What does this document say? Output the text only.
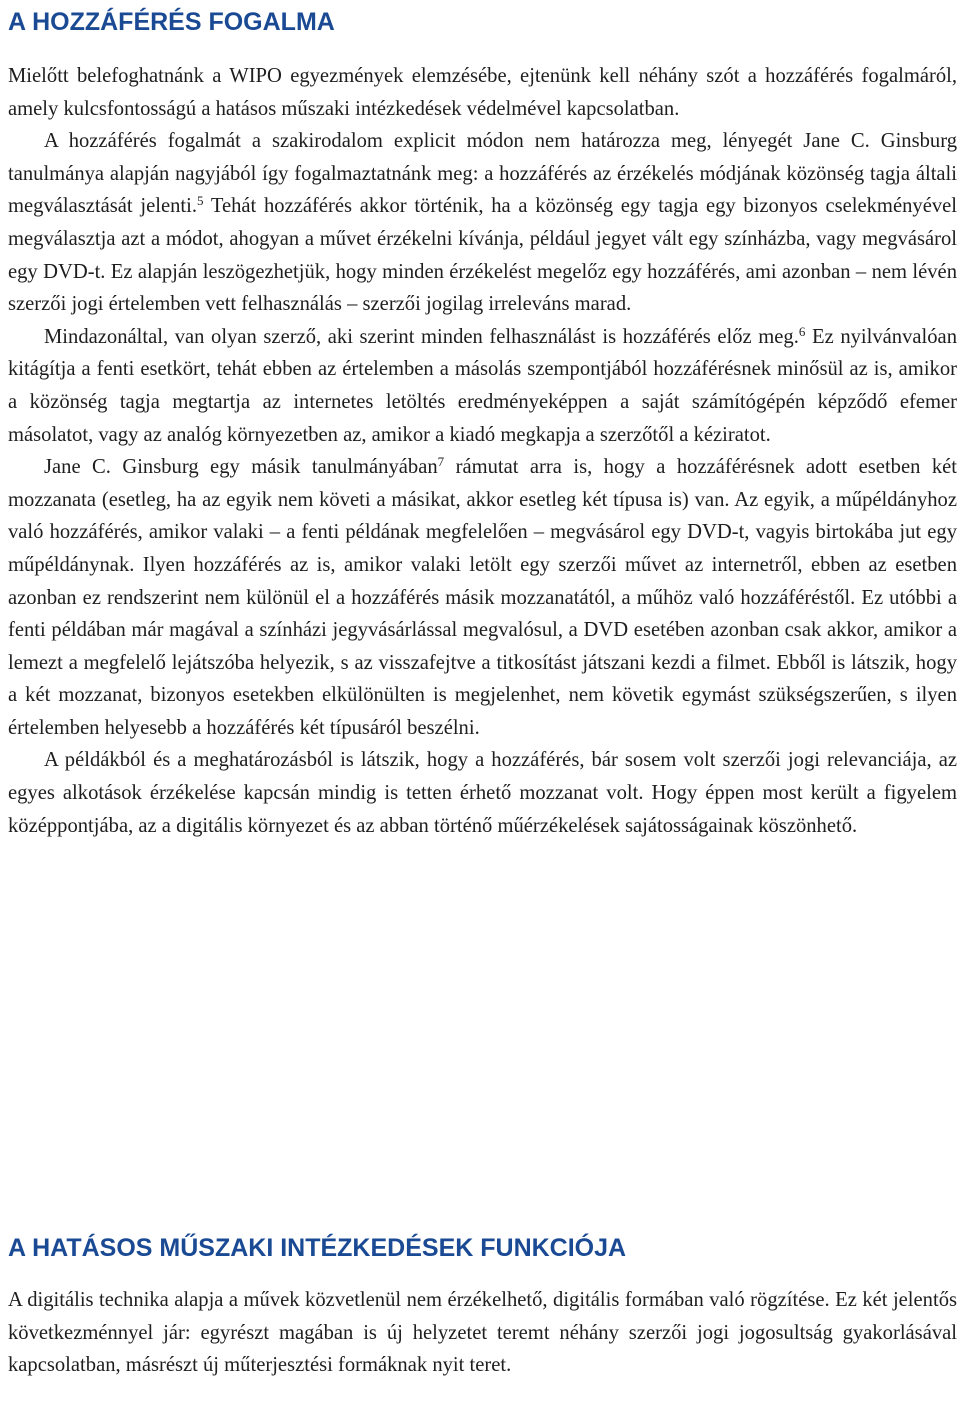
A HOZZÁFÉRÉS FOGALMA

Mielőtt belefoghatnánk a WIPO egyezmények elemzésébe, ejtenünk kell néhány szót a hozzáférés fogalmáról, amely kulcsfontosságú a hatásos műszaki intézkedések védelmével kapcsolatban.

A hozzáférés fogalmát a szakirodalom explicit módon nem határozza meg, lényegét Jane C. Ginsburg tanulmánya alapján nagyjából így fogalmaztatnánk meg: a hozzáférés az érzékelés módjának közönség tagja általi megválasztását jelenti.$^5$ Tehát hozzáférés akkor történik, ha a közönség egy tagja egy bizonyos cselekményével megválasztja azt a módot, ahogyan a művet érzékelni kívánja, például jegyet vált egy színházba, vagy megvásárol egy DVD-t. Ez alapján leszögezhetjük, hogy minden érzékelést megelőz egy hozzáférés, ami azonban – nem lévén szerzői jogi értelemben vett felhasználás – szerzői jogilag irreleváns marad.

Mindazonáltal, van olyan szerző, aki szerint minden felhasználást is hozzáférés előz meg.$^6$ Ez nyilvánvalóan kitágítja a fenti esetkört, tehát ebben az értelemben a másolás szempontjából hozzáférésnek minősül az is, amikor a közönség tagja megtartja az internetes letöltés eredményeképpen a saját számítógépén képződő efemer másolatot, vagy az analóg környezetben az, amikor a kiadó megkapja a szerzőtől a kéziratot.

Jane C. Ginsburg egy másik tanulmányában$^7$ rámutat arra is, hogy a hozzáférésnek adott esetben két mozzanata (esetleg, ha az egyik nem követi a másikat, akkor esetleg két típusa is) van. Az egyik, a műpéldányhoz való hozzáférés, amikor valaki – a fenti példának megfelelően – megvásárol egy DVD-t, vagyis birtokába jut egy műpéldánynak. Ilyen hozzáférés az is, amikor valaki letölt egy szerzői művet az internetről, ebben az esetben azonban ez rendszerint nem különül el a hozzáférés másik mozzanatától, a műhöz való hozzáféréstől. Ez utóbbi a fenti példában már magával a színházi jegyvásárlással megvalósul, a DVD esetében azonban csak akkor, amikor a lemezt a megfelelő lejátszóba helyezik, s az visszafejtve a titkosítást játszani kezdi a filmet. Ebből is látszik, hogy a két mozzanat, bizonyos esetekben elkülönülten is megjelenhet, nem követik egymást szükségszerűen, s ilyen értelemben helyesebb a hozzáférés két típusáról beszélni.

A példákból és a meghatározásból is látszik, hogy a hozzáférés, bár sosem volt szerzői jogi relevanciája, az egyes alkotások érzékelése kapcsán mindig is tetten érhető mozzanat volt. Hogy éppen most került a figyelem középpontjába, az a digitális környezet és az abban történő műérzékelések sajátosságainak köszönhető.

A HATÁSOS MŰSZAKI INTÉZKEDÉSEK FUNKCIÓJA

A digitális technika alapja a művek közvetlenül nem érzékelhető, digitális formában való rögzítése. Ez két jelentős következménnyel jár: egyrészt magában is új helyzetet teremt néhány szerzői jogi jogosultság gyakorlásával kapcsolatban, másrészt új műterjesztési formáknak nyit teret.
